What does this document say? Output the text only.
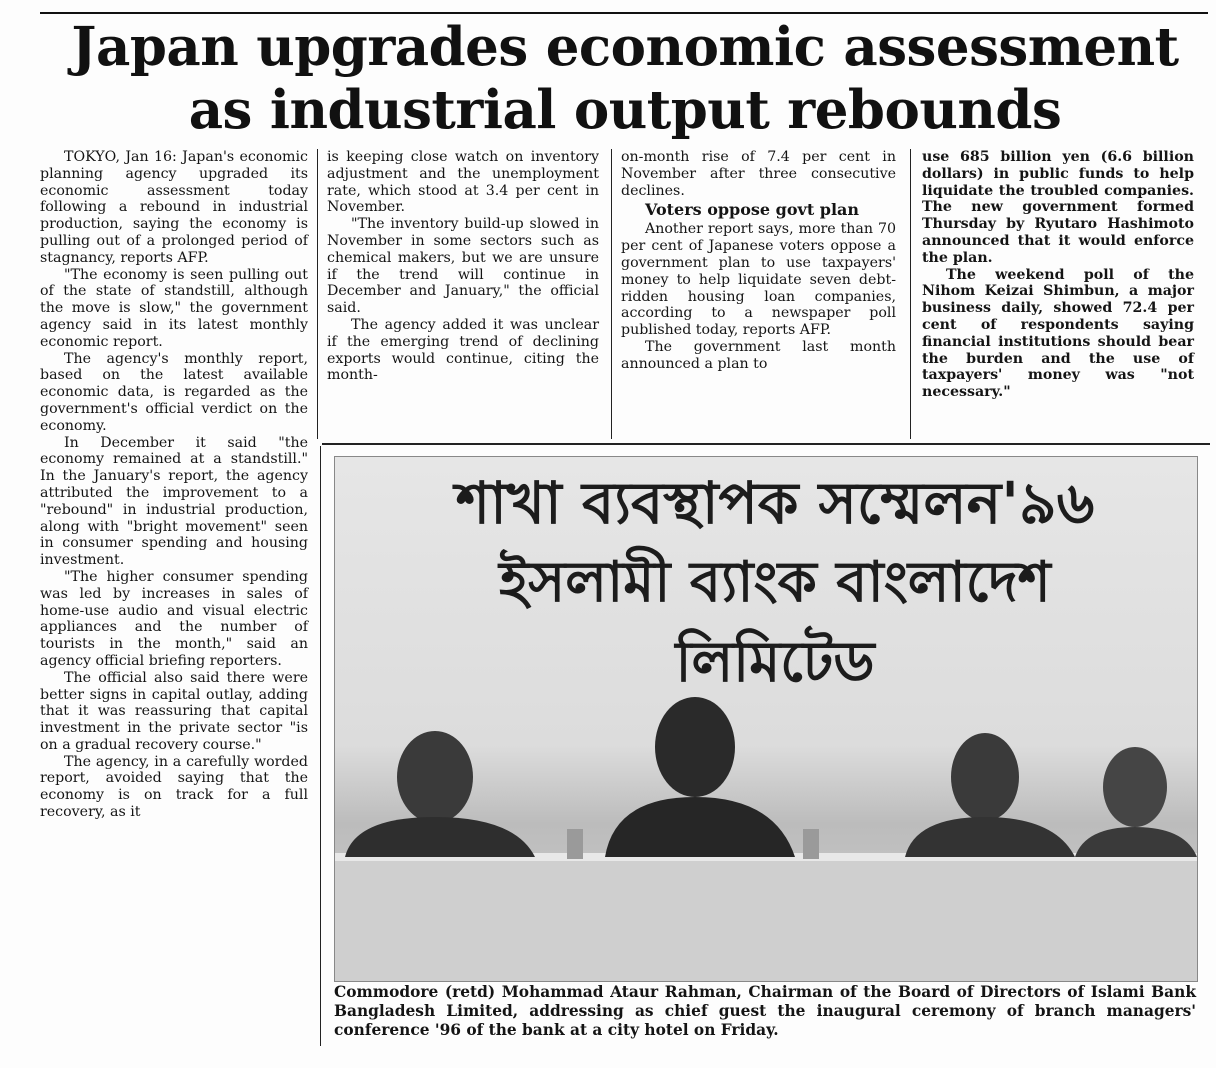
Japan upgrades economic assessment
as industrial output rebounds

TOKYO, Jan 16: Japan's economic planning agency upgraded its economic assessment today following a rebound in industrial production, saying the economy is pulling out of a prolonged period of stagnancy, reports AFP.

"The economy is seen pulling out of the state of standstill, although the move is slow," the government agency said in its latest monthly economic report.

The agency's monthly report, based on the latest available economic data, is regarded as the government's official verdict on the economy.

In December it said "the economy remained at a standstill." In the January's report, the agency attributed the improvement to a "rebound" in industrial production, along with "bright movement" seen in consumer spending and housing investment.

"The higher consumer spending was led by increases in sales of home-use audio and visual electric appliances and the number of tourists in the month," said an agency official briefing reporters.

The official also said there were better signs in capital outlay, adding that it was reassuring that capital investment in the private sector "is on a gradual recovery course."

The agency, in a carefully worded report, avoided saying that the economy is on track for a full recovery, as it

is keeping close watch on inventory adjustment and the unemployment rate, which stood at 3.4 per cent in November.

"The inventory build-up slowed in November in some sectors such as chemical makers, but we are unsure if the trend will continue in December and January," the official said.

The agency added it was unclear if the emerging trend of declining exports would continue, citing the month-

on-month rise of 7.4 per cent in November after three consecutive declines.

Voters oppose govt plan

Another report says, more than 70 per cent of Japanese voters oppose a government plan to use taxpayers' money to help liquidate seven debt-ridden housing loan companies, according to a newspaper poll published today, reports AFP.

The government last month announced a plan to

use 685 billion yen (6.6 billion dollars) in public funds to help liquidate the troubled companies. The new government formed Thursday by Ryutaro Hashimoto announced that it would enforce the plan.

The weekend poll of the Nihom Keizai Shimbun, a major business daily, showed 72.4 per cent of respondents saying financial institutions should bear the burden and the use of taxpayers' money was "not necessary."

শাখা ব্যবস্থাপক সম্মেলন'৯৬
ইসলামী ব্যাংক বাংলাদেশ লিমিটেড
Commodore (retd) Mohammad Ataur Rahman, Chairman of the Board of Directors of Islami Bank Bangladesh Limited, addressing as chief guest the inaugural ceremony of branch managers' conference '96 of the bank at a city hotel on Friday.
